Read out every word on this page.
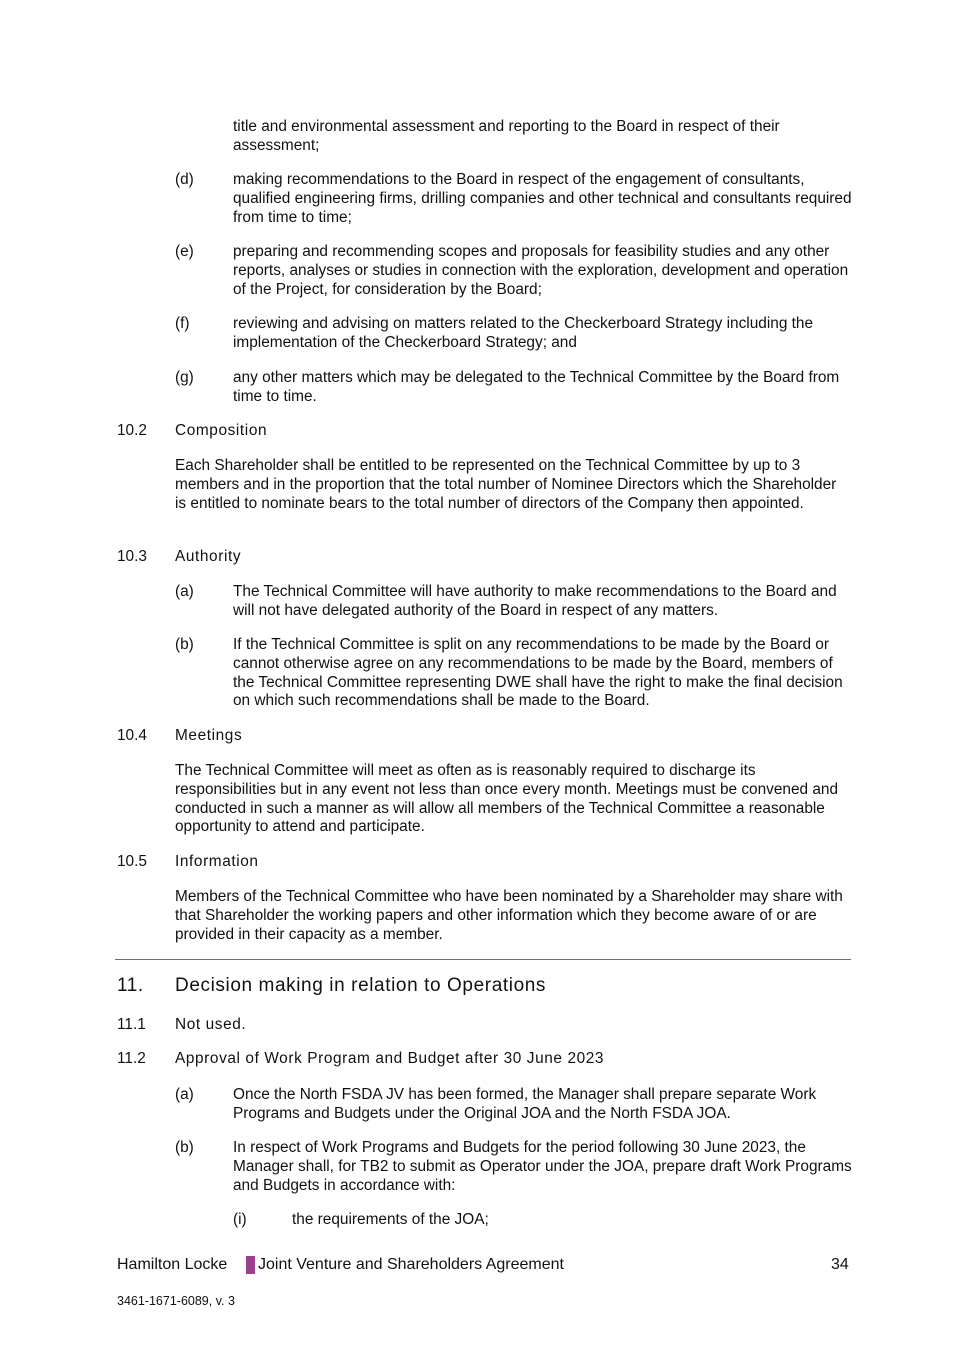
title and environmental assessment and reporting to the Board in respect of their assessment;
(d)	making recommendations to the Board in respect of the engagement of consultants, qualified engineering firms, drilling companies and other technical and consultants required from time to time;
(e)	preparing and recommending scopes and proposals for feasibility studies and any other reports, analyses or studies in connection with the exploration, development and operation of the Project, for consideration by the Board;
(f)	reviewing and advising on matters related to the Checkerboard Strategy including the implementation of the Checkerboard Strategy; and
(g)	any other matters which may be delegated to the Technical Committee by the Board from time to time.
10.2 Composition
Each Shareholder shall be entitled to be represented on the Technical Committee by up to 3 members and in the proportion that the total number of Nominee Directors which the Shareholder is entitled to nominate bears to the total number of directors of the Company then appointed.
10.3 Authority
(a)	The Technical Committee will have authority to make recommendations to the Board and will not have delegated authority of the Board in respect of any matters.
(b)	If the Technical Committee is split on any recommendations to be made by the Board or cannot otherwise agree on any recommendations to be made by the Board, members of the Technical Committee representing DWE shall have the right to make the final decision on which such recommendations shall be made to the Board.
10.4 Meetings
The Technical Committee will meet as often as is reasonably required to discharge its responsibilities but in any event not less than once every month. Meetings must be convened and conducted in such a manner as will allow all members of the Technical Committee a reasonable opportunity to attend and participate.
10.5 Information
Members of the Technical Committee who have been nominated by a Shareholder may share with that Shareholder the working papers and other information which they become aware of or are provided in their capacity as a member.
11. Decision making in relation to Operations
11.1 Not used.
11.2 Approval of Work Program and Budget after 30 June 2023
(a)	Once the North FSDA JV has been formed, the Manager shall prepare separate Work Programs and Budgets under the Original JOA and the North FSDA JOA.
(b)	In respect of Work Programs and Budgets for the period following 30 June 2023, the Manager shall, for TB2 to submit as Operator under the JOA, prepare draft Work Programs and Budgets in accordance with:
(i)	the requirements of the JOA;
Hamilton Locke Joint Venture and Shareholders Agreement	34
3461-1671-6089, v. 3
